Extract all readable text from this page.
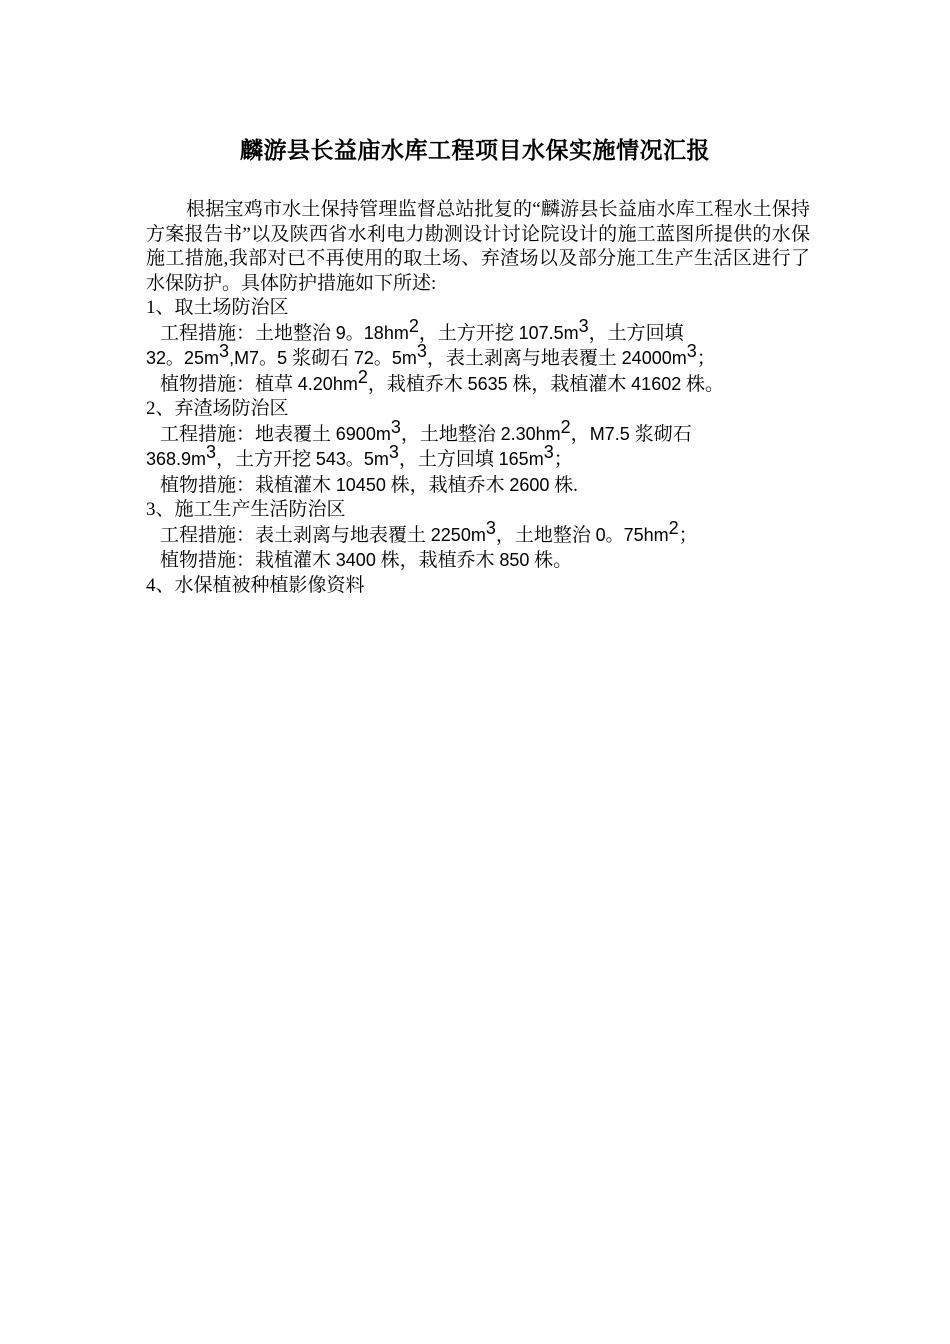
麟游县长益庙水库工程项目水保实施情况汇报

根据宝鸡市水土保持管理监督总站批复的“麟游县长益庙水库工程水土保持方案报告书”以及陕西省水利电力勘测设计讨论院设计的施工蓝图所提供的水保施工措施,我部对已不再使用的取土场、弃渣场以及部分施工生产生活区进行了水保防护。具体防护措施如下所述:

1、取土场防治区

工程措施：土地整治 9。$18hm^2$，土方开挖 $107.5m^3$，土方回填

32。$25m^3,M7$。5 浆砌石 72。$5m^3$，表土剥离与地表覆土 $24000m^3$；

植物措施：植草 $4.20hm^2$，栽植乔木 5635 株，栽植灌木 41602 株。

2、弃渣场防治区

工程措施：地表覆土 $6900m^3$，土地整治 $2.30hm^2$，M7.5 浆砌石

$368.9m^3$，土方开挖 543。$5m^3$，土方回填 $165m^3$；

植物措施：栽植灌木 10450 株，栽植乔木 2600 株.

3、施工生产生活防治区

工程措施：表土剥离与地表覆土 $2250m^3$，土地整治 0。$75hm^2$；

植物措施：栽植灌木 3400 株，栽植乔木 850 株。

4、水保植被种植影像资料
